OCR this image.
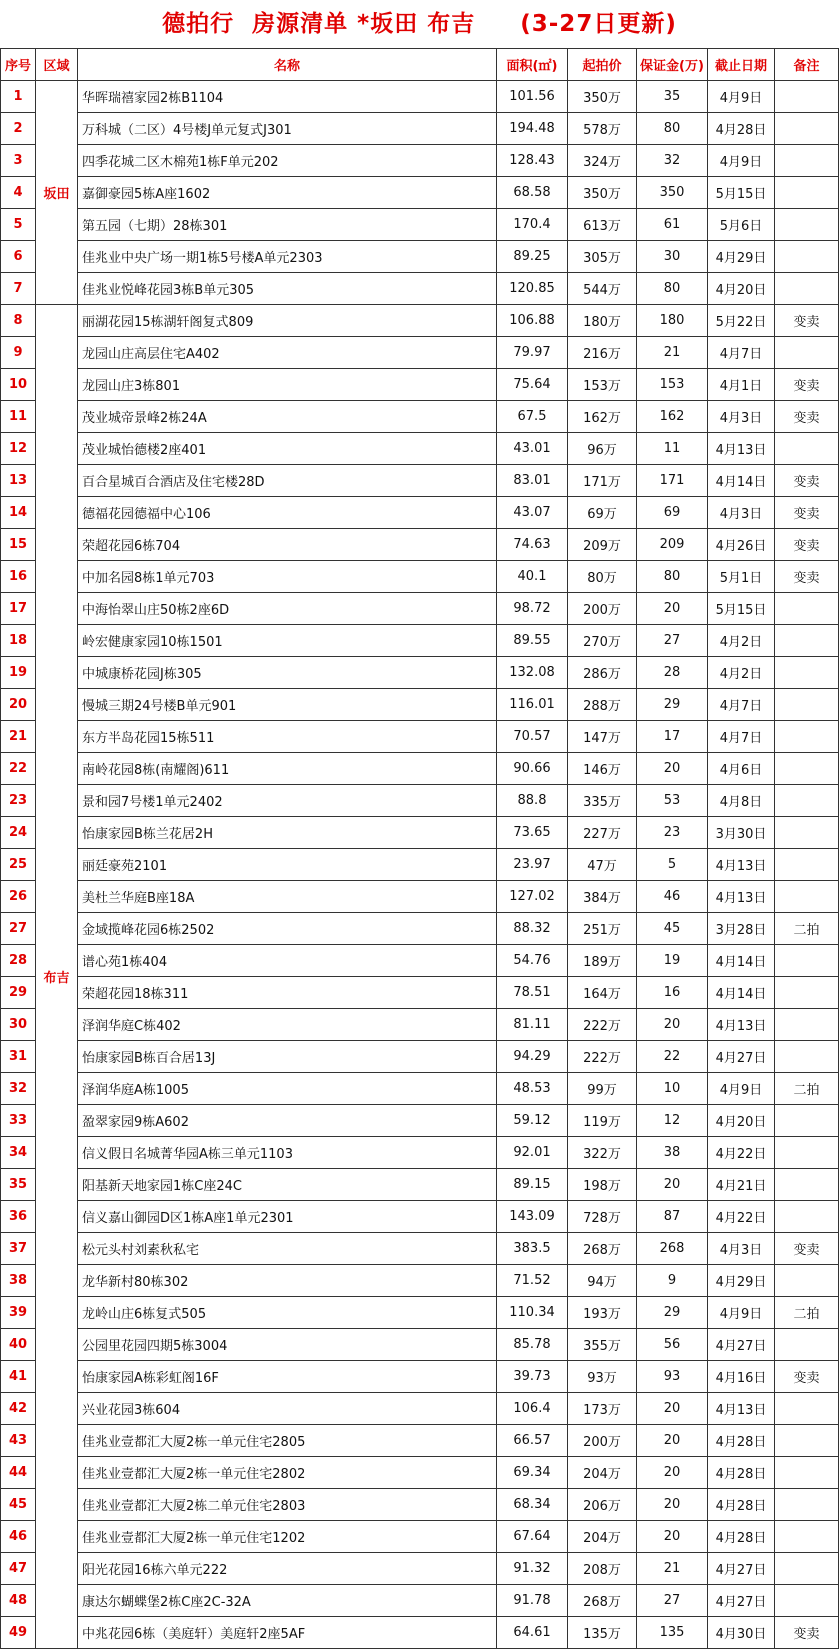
德拍行  房源清单 *坂田 布吉     (3-27日更新)
序号	区域	名称	面积(㎡)	起拍价	保证金(万)	截止日期	备注
1	坂田	华晖瑞禧家园2栋B1104	101.56	350万	35	4月9日	
2		万科城（二区）4号楼J单元复式J301	194.48	578万	80	4月28日	
3		四季花城二区木棉苑1栋F单元202	128.43	324万	32	4月9日	
4		嘉御豪园5栋A座1602	68.58	350万	350	5月15日	
5		第五园（七期）28栋301	170.4	613万	61	5月6日	
6		佳兆业中央广场一期1栋5号楼A单元2303	89.25	305万	30	4月29日	
7		佳兆业悦峰花园3栋B单元305	120.85	544万	80	4月20日	
8	布吉	丽湖花园15栋湖轩阁复式809	106.88	180万	180	5月22日	变卖
9		龙园山庄高层住宅A402	79.97	216万	21	4月7日	
10		龙园山庄3栋801	75.64	153万	153	4月1日	变卖
11		茂业城帝景峰2栋24A	67.5	162万	162	4月3日	变卖
12		茂业城怡德楼2座401	43.01	96万	11	4月13日	
13		百合星城百合酒店及住宅楼28D	83.01	171万	171	4月14日	变卖
14		德福花园德福中心106	43.07	69万	69	4月3日	变卖
15		荣超花园6栋704	74.63	209万	209	4月26日	变卖
16		中加名园8栋1单元703	40.1	80万	80	5月1日	变卖
17		中海怡翠山庄50栋2座6D	98.72	200万	20	5月15日	
18		岭宏健康家园10栋1501	89.55	270万	27	4月2日	
19		中城康桥花园J栋305	132.08	286万	28	4月2日	
20		慢城三期24号楼B单元901	116.01	288万	29	4月7日	
21		东方半岛花园15栋511	70.57	147万	17	4月7日	
22		南岭花园8栋(南耀阁)611	90.66	146万	20	4月6日	
23		景和园7号楼1单元2402	88.8	335万	53	4月8日	
24		怡康家园B栋兰花居2H	73.65	227万	23	3月30日	
25		丽廷豪苑2101	23.97	47万	5	4月13日	
26		美杜兰华庭B座18A	127.02	384万	46	4月13日	
27		金域揽峰花园6栋2502	88.32	251万	45	3月28日	二拍
28		谱心苑1栋404	54.76	189万	19	4月14日	
29		荣超花园18栋311	78.51	164万	16	4月14日	
30		泽润华庭C栋402	81.11	222万	20	4月13日	
31		怡康家园B栋百合居13J	94.29	222万	22	4月27日	
32		泽润华庭A栋1005	48.53	99万	10	4月9日	二拍
33		盈翠家园9栋A602	59.12	119万	12	4月20日	
34		信义假日名城菁华园A栋三单元1103	92.01	322万	38	4月22日	
35		阳基新天地家园1栋C座24C	89.15	198万	20	4月21日	
36		信义嘉山御园D区1栋A座1单元2301	143.09	728万	87	4月22日	
37		松元头村刘素秋私宅	383.5	268万	268	4月3日	变卖
38		龙华新村80栋302	71.52	94万	9	4月29日	
39		龙岭山庄6栋复式505	110.34	193万	29	4月9日	二拍
40		公园里花园四期5栋3004	85.78	355万	56	4月27日	
41		怡康家园A栋彩虹阁16F	39.73	93万	93	4月16日	变卖
42		兴业花园3栋604	106.4	173万	20	4月13日	
43		佳兆业壹都汇大厦2栋一单元住宅2805	66.57	200万	20	4月28日	
44		佳兆业壹都汇大厦2栋一单元住宅2802	69.34	204万	20	4月28日	
45		佳兆业壹都汇大厦2栋二单元住宅2803	68.34	206万	20	4月28日	
46		佳兆业壹都汇大厦2栋一单元住宅1202	67.64	204万	20	4月28日	
47		阳光花园16栋六单元222	91.32	208万	21	4月27日	
48		康达尔蝴蝶堡2栋C座2C-32A	91.78	268万	27	4月27日	
49		中兆花园6栋（美庭轩）美庭轩2座5AF	64.61	135万	135	4月30日	变卖
